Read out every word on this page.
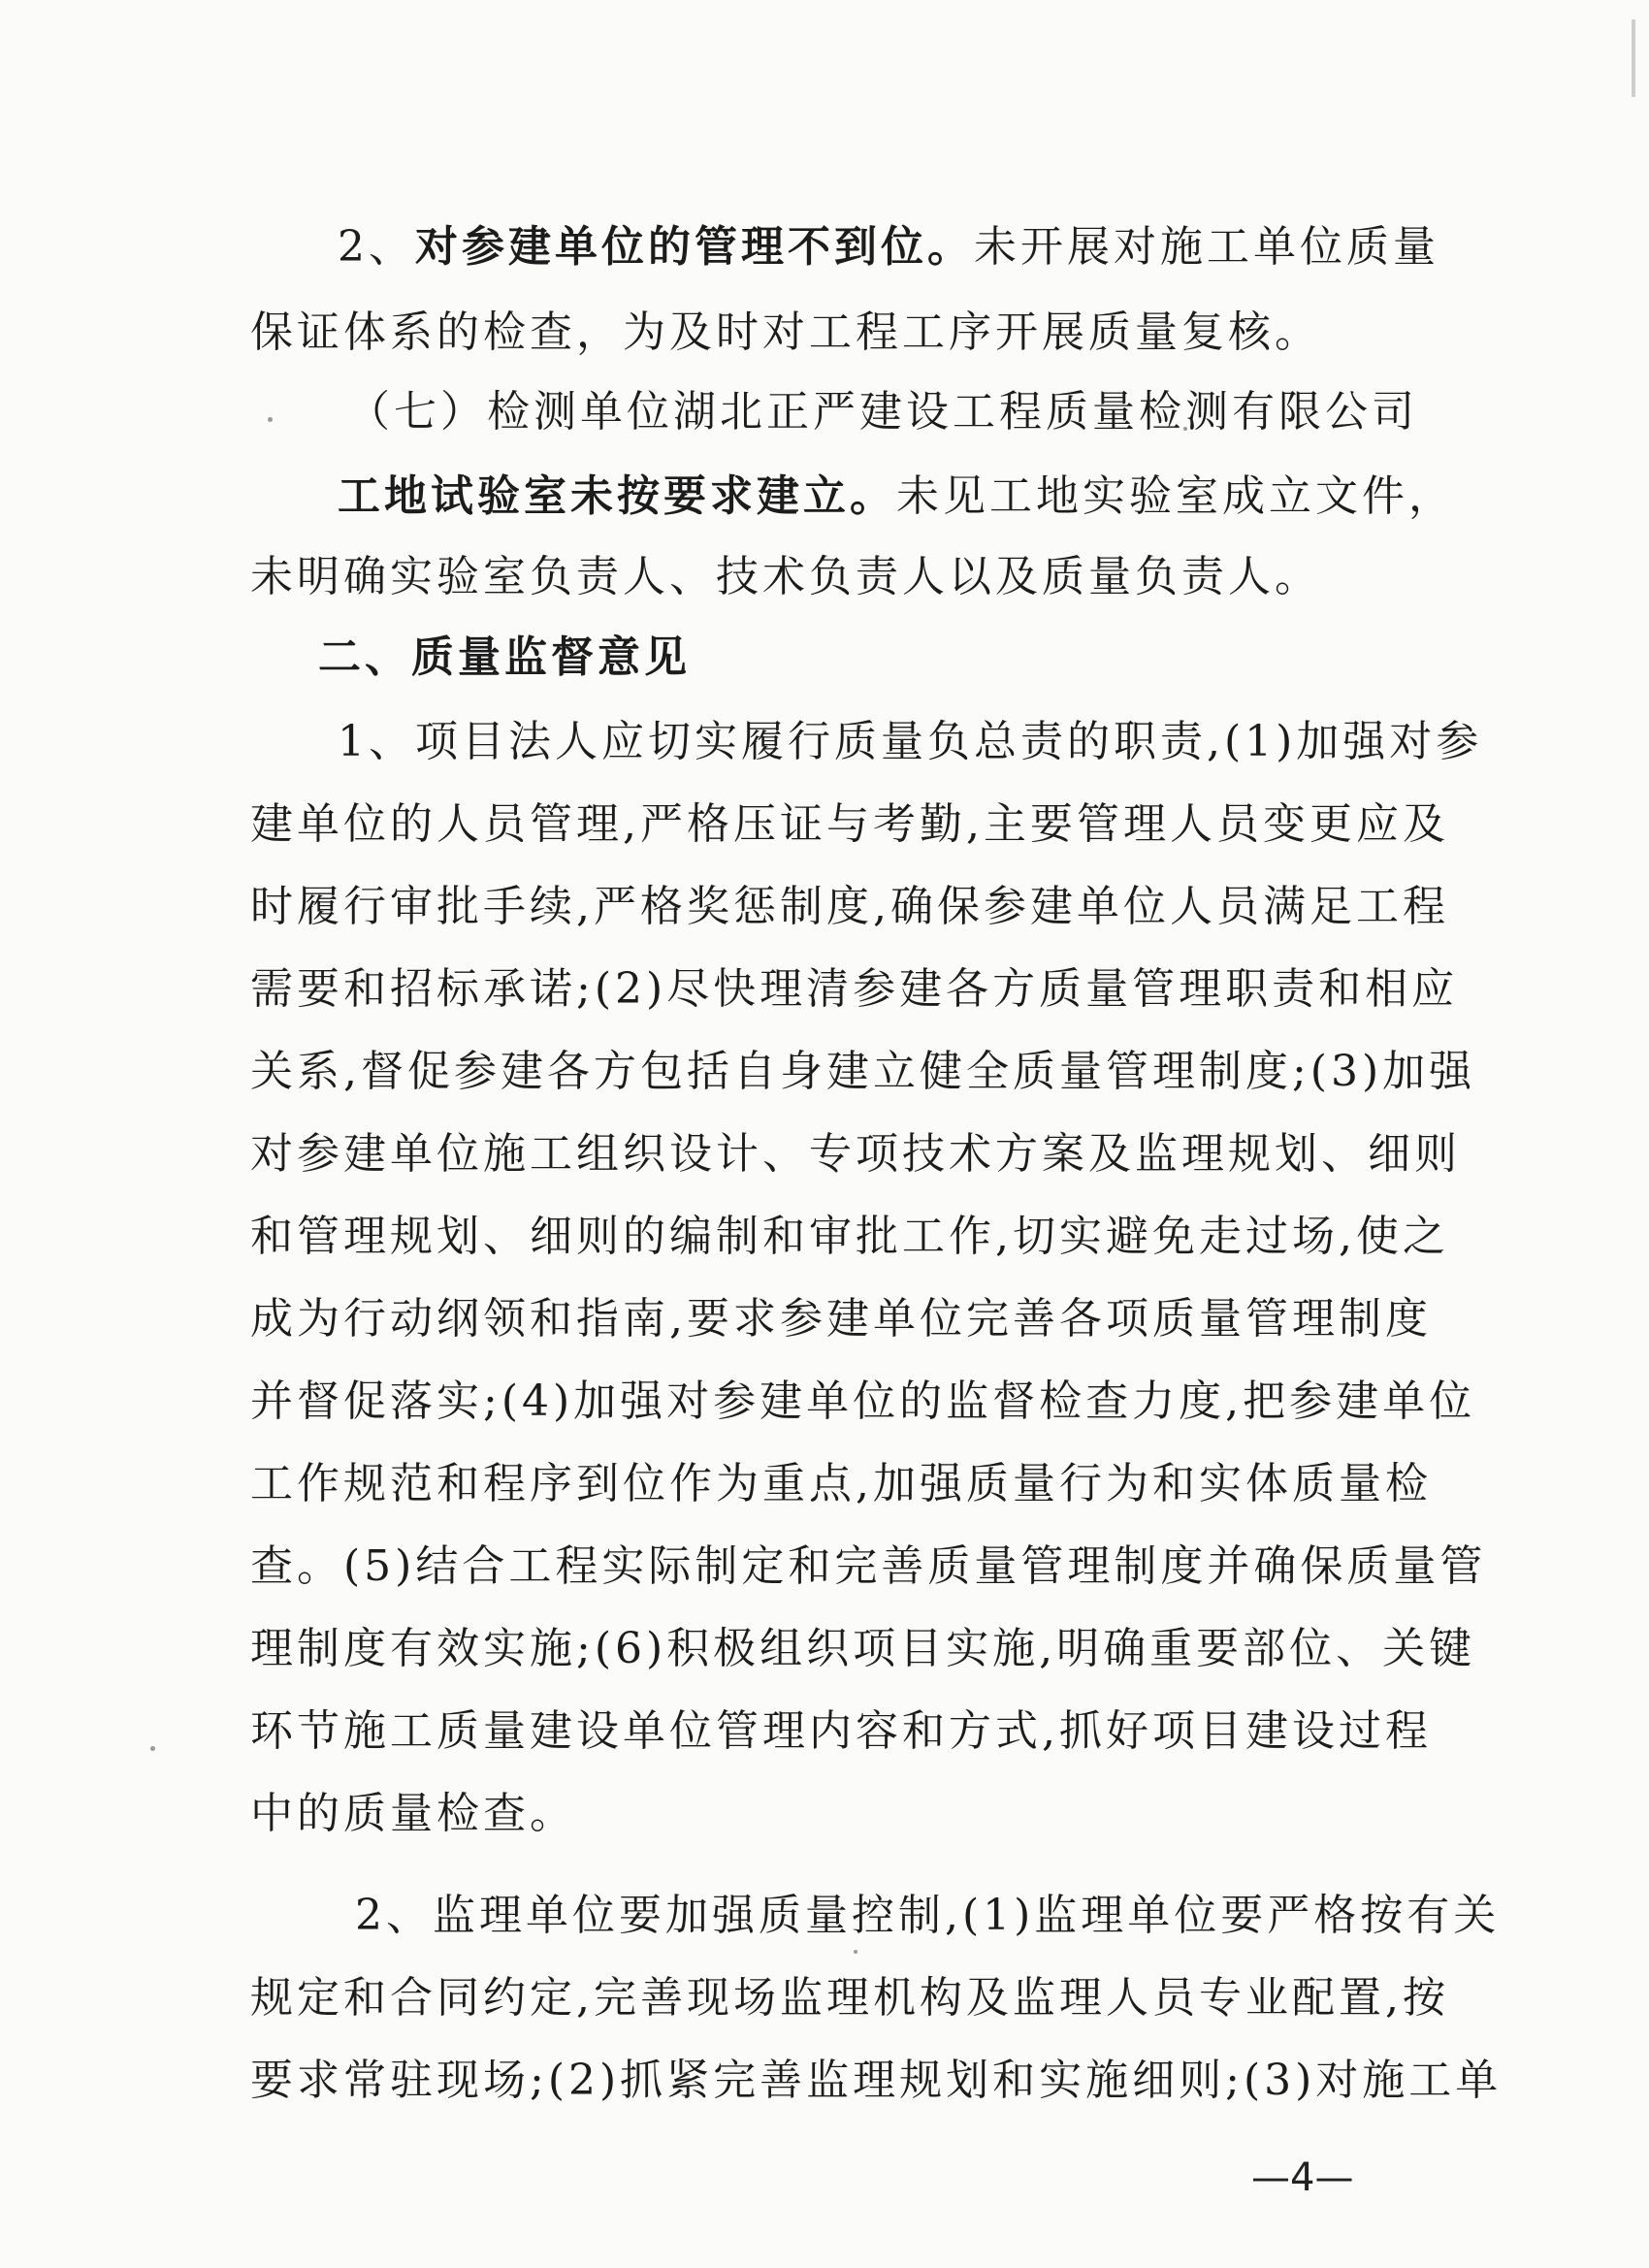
2、对参建单位的管理不到位。未开展对施工单位质量
保证体系的检查，为及时对工程工序开展质量复核。
（七）检测单位湖北正严建设工程质量检测有限公司
工地试验室未按要求建立。未见工地实验室成立文件，
未明确实验室负责人、技术负责人以及质量负责人。
二、质量监督意见
1、项目法人应切实履行质量负总责的职责,(1)加强对参
建单位的人员管理,严格压证与考勤,主要管理人员变更应及
时履行审批手续,严格奖惩制度,确保参建单位人员满足工程
需要和招标承诺;(2)尽快理清参建各方质量管理职责和相应
关系,督促参建各方包括自身建立健全质量管理制度;(3)加强
对参建单位施工组织设计、专项技术方案及监理规划、细则
和管理规划、细则的编制和审批工作,切实避免走过场,使之
成为行动纲领和指南,要求参建单位完善各项质量管理制度
并督促落实;(4)加强对参建单位的监督检查力度,把参建单位
工作规范和程序到位作为重点,加强质量行为和实体质量检
查。(5)结合工程实际制定和完善质量管理制度并确保质量管
理制度有效实施;(6)积极组织项目实施,明确重要部位、关键
环节施工质量建设单位管理内容和方式,抓好项目建设过程
中的质量检查。
2、监理单位要加强质量控制,(1)监理单位要严格按有关
规定和合同约定,完善现场监理机构及监理人员专业配置,按
要求常驻现场;(2)抓紧完善监理规划和实施细则;(3)对施工单
—4—
